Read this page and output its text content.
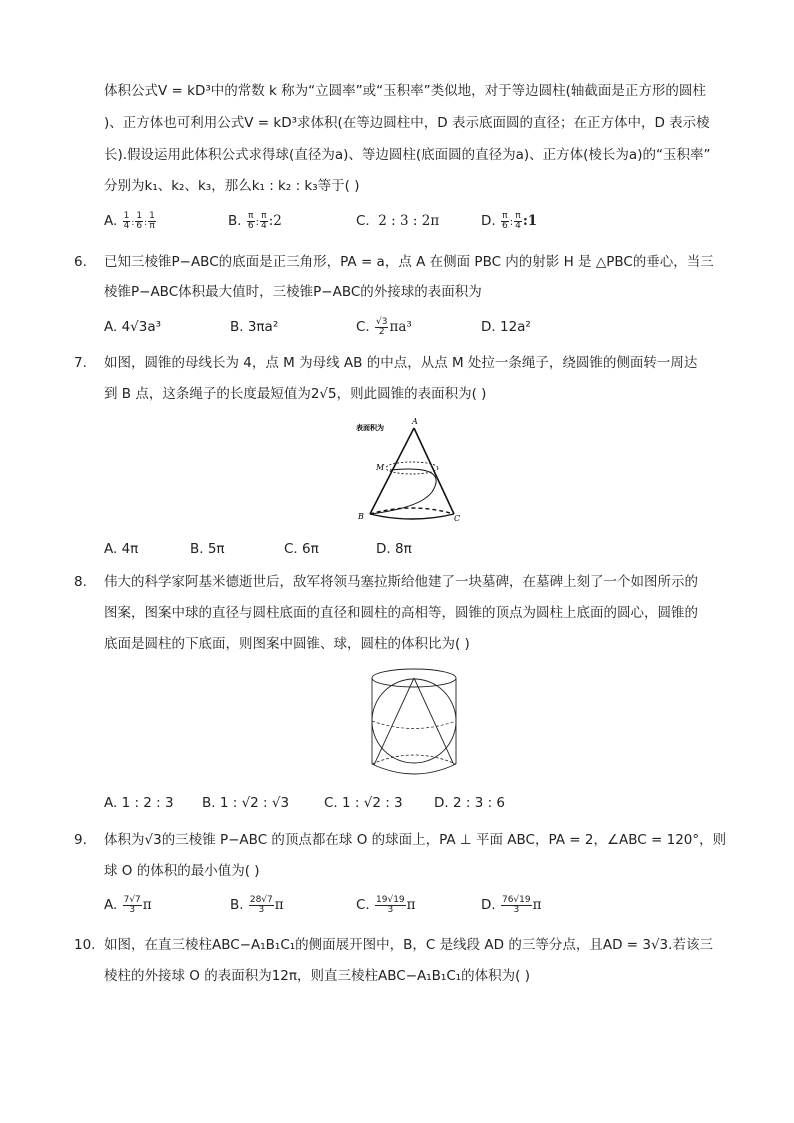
体积公式V = kD³中的常数 k 称为“立圆率”或“玉积率”类似地，对于等边圆柱(轴截面是正方形的圆柱
)、正方体也可利用公式V = kD³求体积(在等边圆柱中，D 表示底面圆的直径；在正方体中，D 表示棱
长).假设运用此体积公式求得球(直径为a)、等边圆柱(底面圆的直径为a)、正方体(棱长为a)的“玉积率”
分别为k₁、k₂、k₃，那么k₁ : k₂ : k₃等于( )
A. $\frac{1}{4}$ : $\frac{1}{6}$ : $\frac{1}{\pi}$	B. $\frac{\pi}{6}$ : $\frac{\pi}{4}$ :2	C.  2 : 3 : 2π	D. $\frac{\pi}{6}$ : $\frac{\pi}{4}$ :1
6.	已知三棱锥P−ABC的底面是正三角形，PA = a，点 A 在侧面 PBC 内的射影 H 是 △PBC的垂心，当三
棱锥P−ABC体积最大值时，三棱锥P−ABC的外接球的表面积为
A. 4√3a³	B. 3πa²	C. $\frac{√3}{2} \pi a^3$	D. 12a²
7.	如图，圆锥的母线长为 4，点 M 为母线 AB 的中点，从点 M 处拉一条绳子，绕圆锥的侧面转一周达
到 B 点，这条绳子的长度最短值为2√5，则此圆锥的表面积为( )
表面积为
A
M
B	C
A. 4π	B. 5π	C. 6π	D. 8π
8.	伟大的科学家阿基米德逝世后，敌军将领马塞拉斯给他建了一块墓碑，在墓碑上刻了一个如图所示的
图案，图案中球的直径与圆柱底面的直径和圆柱的高相等，圆锥的顶点为圆柱上底面的圆心，圆锥的
底面是圆柱的下底面，则图案中圆锥、球，圆柱的体积比为( )
A. 1 : 2 : 3 B. 1 : √2 : √3	C. 1 : √2 : 3 D. 2 : 3 : 6
9.	体积为√3的三棱锥 P−ABC 的顶点都在球 O 的球面上，PA ⊥ 平面 ABC，PA = 2，∠ABC = 120°，则
球 O 的体积的最小值为( )
A. $\frac{7√7}{3}$ π	B. $\frac{28√7}{3}$ π	C. $\frac{19√19}{3}$ π	D. $\frac{76√19}{3}$ π
10. 如图，在直三棱柱ABC−A₁B₁C₁的侧面展开图中，B，C 是线段 AD 的三等分点，且AD = 3√3.若该三
棱柱的外接球 O 的表面积为12π，则直三棱柱ABC−A₁B₁C₁的体积为( )
